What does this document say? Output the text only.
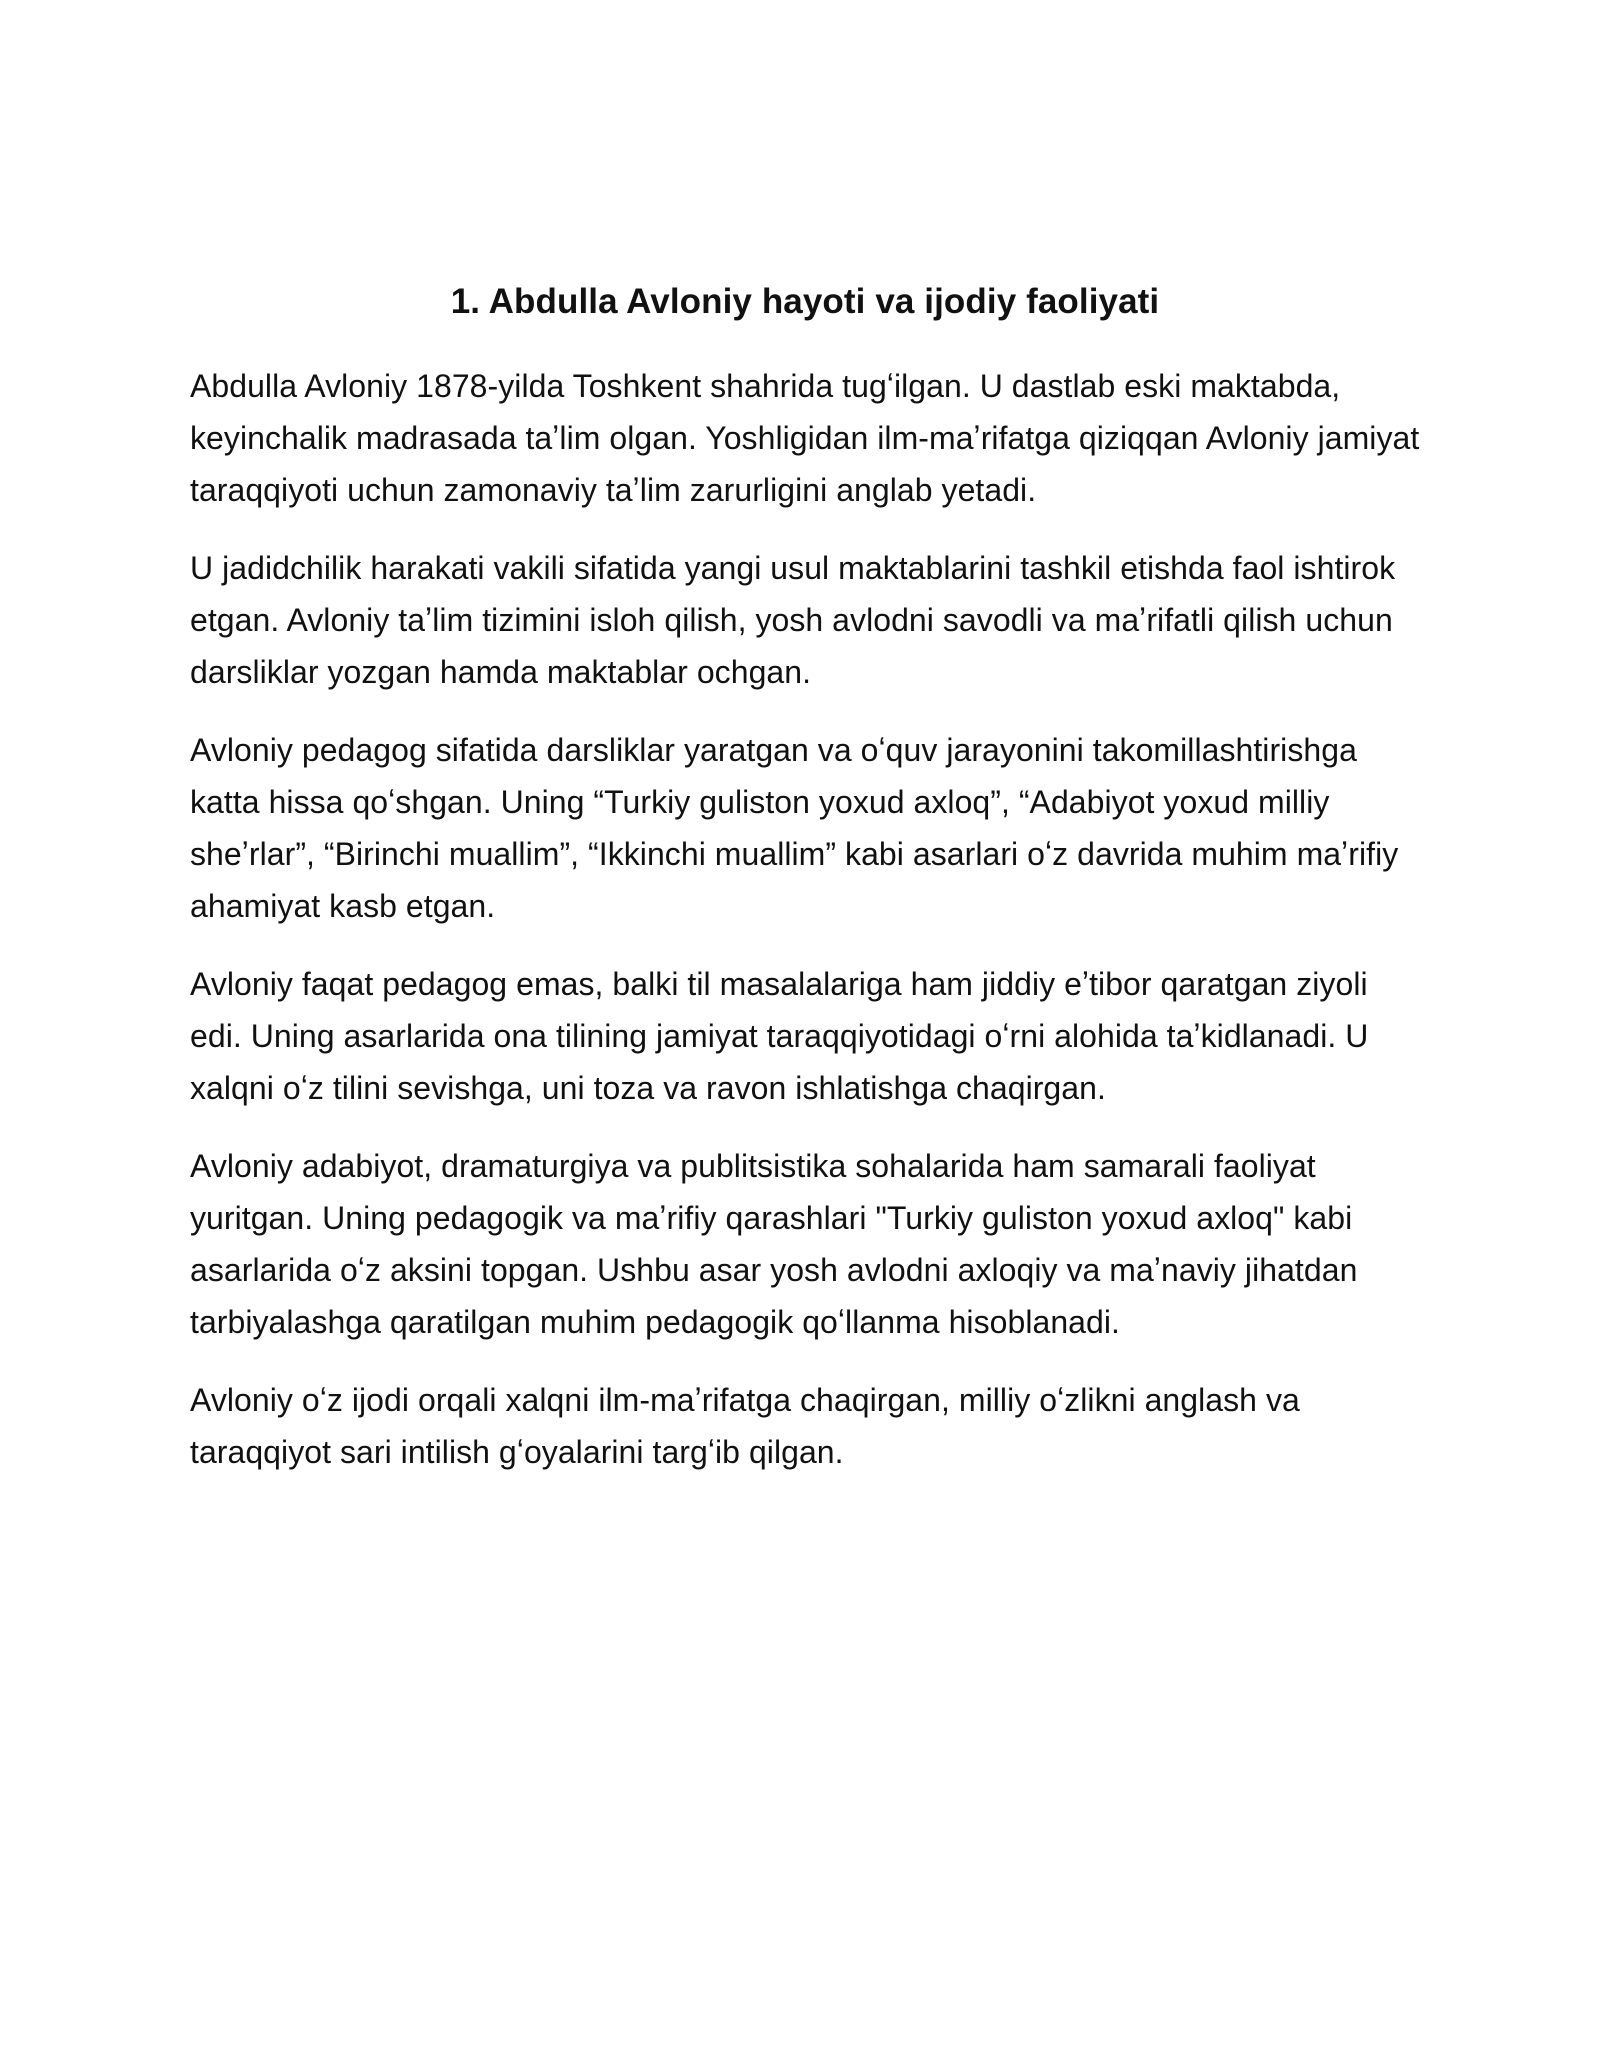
1. Abdulla Avloniy hayoti va ijodiy faoliyati

Abdulla Avloniy 1878-yilda Toshkent shahrida tugʻilgan. U dastlab eski maktabda, keyinchalik madrasada taʼlim olgan. Yoshligidan ilm-maʼrifatga qiziqqan Avloniy jamiyat taraqqiyoti uchun zamonaviy taʼlim zarurligini anglab yetadi.

U jadidchilik harakati vakili sifatida yangi usul maktablarini tashkil etishda faol ishtirok etgan. Avloniy taʼlim tizimini isloh qilish, yosh avlodni savodli va maʼrifatli qilish uchun darsliklar yozgan hamda maktablar ochgan.

Avloniy pedagog sifatida darsliklar yaratgan va oʻquv jarayonini takomillashtirishga katta hissa qoʻshgan. Uning “Turkiy guliston yoxud axloq”, “Adabiyot yoxud milliy sheʼrlar”, “Birinchi muallim”, “Ikkinchi muallim” kabi asarlari oʻz davrida muhim maʼrifiy ahamiyat kasb etgan.

Avloniy faqat pedagog emas, balki til masalalariga ham jiddiy eʼtibor qaratgan ziyoli edi. Uning asarlarida ona tilining jamiyat taraqqiyotidagi oʻrni alohida taʼkidlanadi. U xalqni oʻz tilini sevishga, uni toza va ravon ishlatishga chaqirgan.

Avloniy adabiyot, dramaturgiya va publitsistika sohalarida ham samarali faoliyat yuritgan. Uning pedagogik va maʼrifiy qarashlari "Turkiy guliston yoxud axloq" kabi asarlarida oʻz aksini topgan. Ushbu asar yosh avlodni axloqiy va maʼnaviy jihatdan tarbiyalashga qaratilgan muhim pedagogik qoʻllanma hisoblanadi.

Avloniy oʻz ijodi orqali xalqni ilm-maʼrifatga chaqirgan, milliy oʻzlikni anglash va taraqqiyot sari intilish gʻoyalarini targʻib qilgan.
